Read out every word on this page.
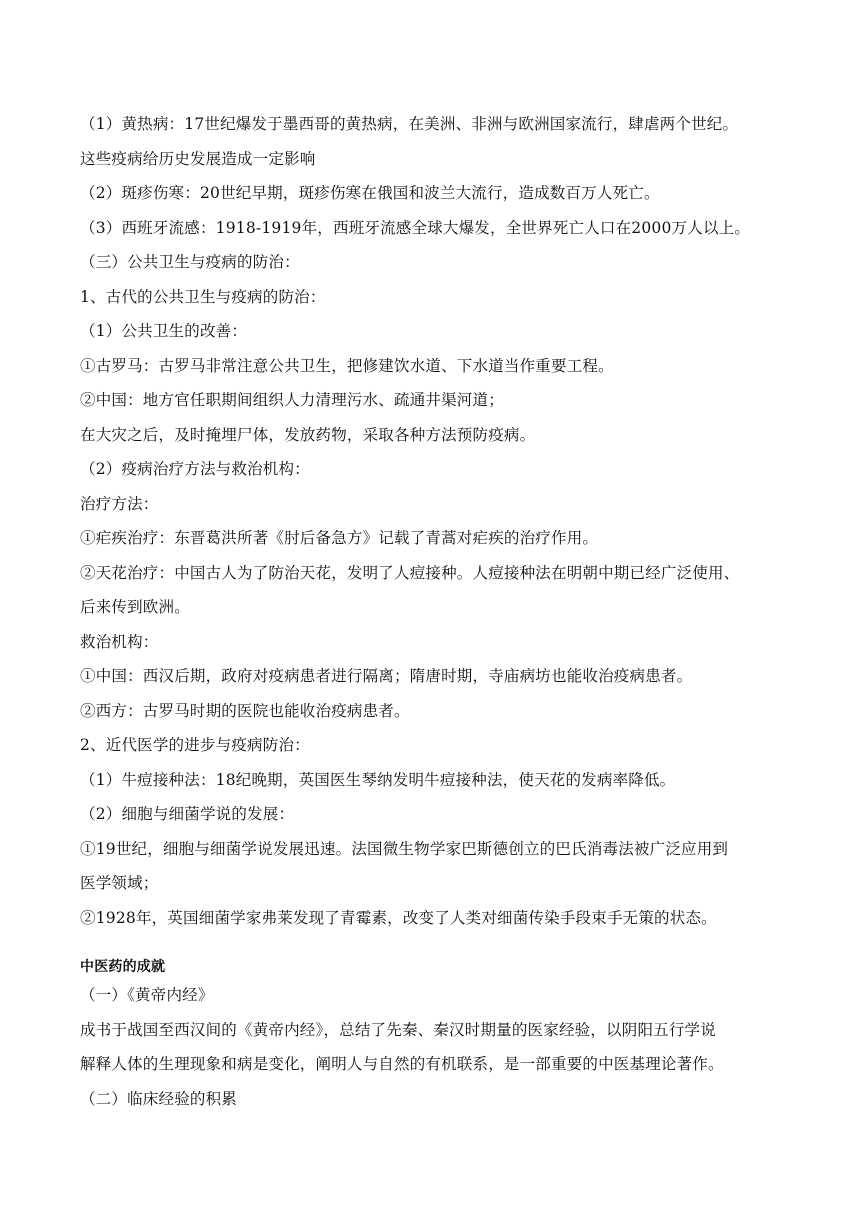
（1）黄热病：17世纪爆发于墨西哥的黄热病，在美洲、非洲与欧洲国家流行，肆虐两个世纪。
这些疫病给历史发展造成一定影响
（2）斑疹伤寒：20世纪早期，斑疹伤寒在俄国和波兰大流行，造成数百万人死亡。
（3）西班牙流感：1918-1919年，西班牙流感全球大爆发，全世界死亡人口在2000万人以上。
（三）公共卫生与疫病的防治：
1、古代的公共卫生与疫病的防治：
（1）公共卫生的改善：
①古罗马：古罗马非常注意公共卫生，把修建饮水道、下水道当作重要工程。
②中国：地方官任职期间组织人力清理污水、疏通井渠河道；
在大灾之后，及时掩埋尸体，发放药物，采取各种方法预防疫病。
（2）疫病治疗方法与救治机构：
治疗方法：
①疟疾治疗：东晋葛洪所著《肘后备急方》记载了青蒿对疟疾的治疗作用。
②天花治疗：中国古人为了防治天花，发明了人痘接种。人痘接种法在明朝中期已经广泛使用、
后来传到欧洲。
救治机构：
①中国：西汉后期，政府对疫病患者进行隔离；隋唐时期，寺庙病坊也能收治疫病患者。
②西方：古罗马时期的医院也能收治疫病患者。
2、近代医学的进步与疫病防治：
（1）牛痘接种法：18纪晚期，英国医生琴纳发明牛痘接种法，使天花的发病率降低。
（2）细胞与细菌学说的发展：
①19世纪，细胞与细菌学说发展迅速。法国微生物学家巴斯德创立的巴氏消毒法被广泛应用到
医学领域；
②1928年，英国细菌学家弗莱发现了青霉素，改变了人类对细菌传染手段束手无策的状态。
中医药的成就
（一）《黄帝内经》
成书于战国至西汉间的《黄帝内经》，总结了先秦、秦汉时期量的医家经验，以阴阳五行学说
解释人体的生理现象和病是变化，阐明人与自然的有机联系，是一部重要的中医基理论著作。
（二）临床经验的积累
